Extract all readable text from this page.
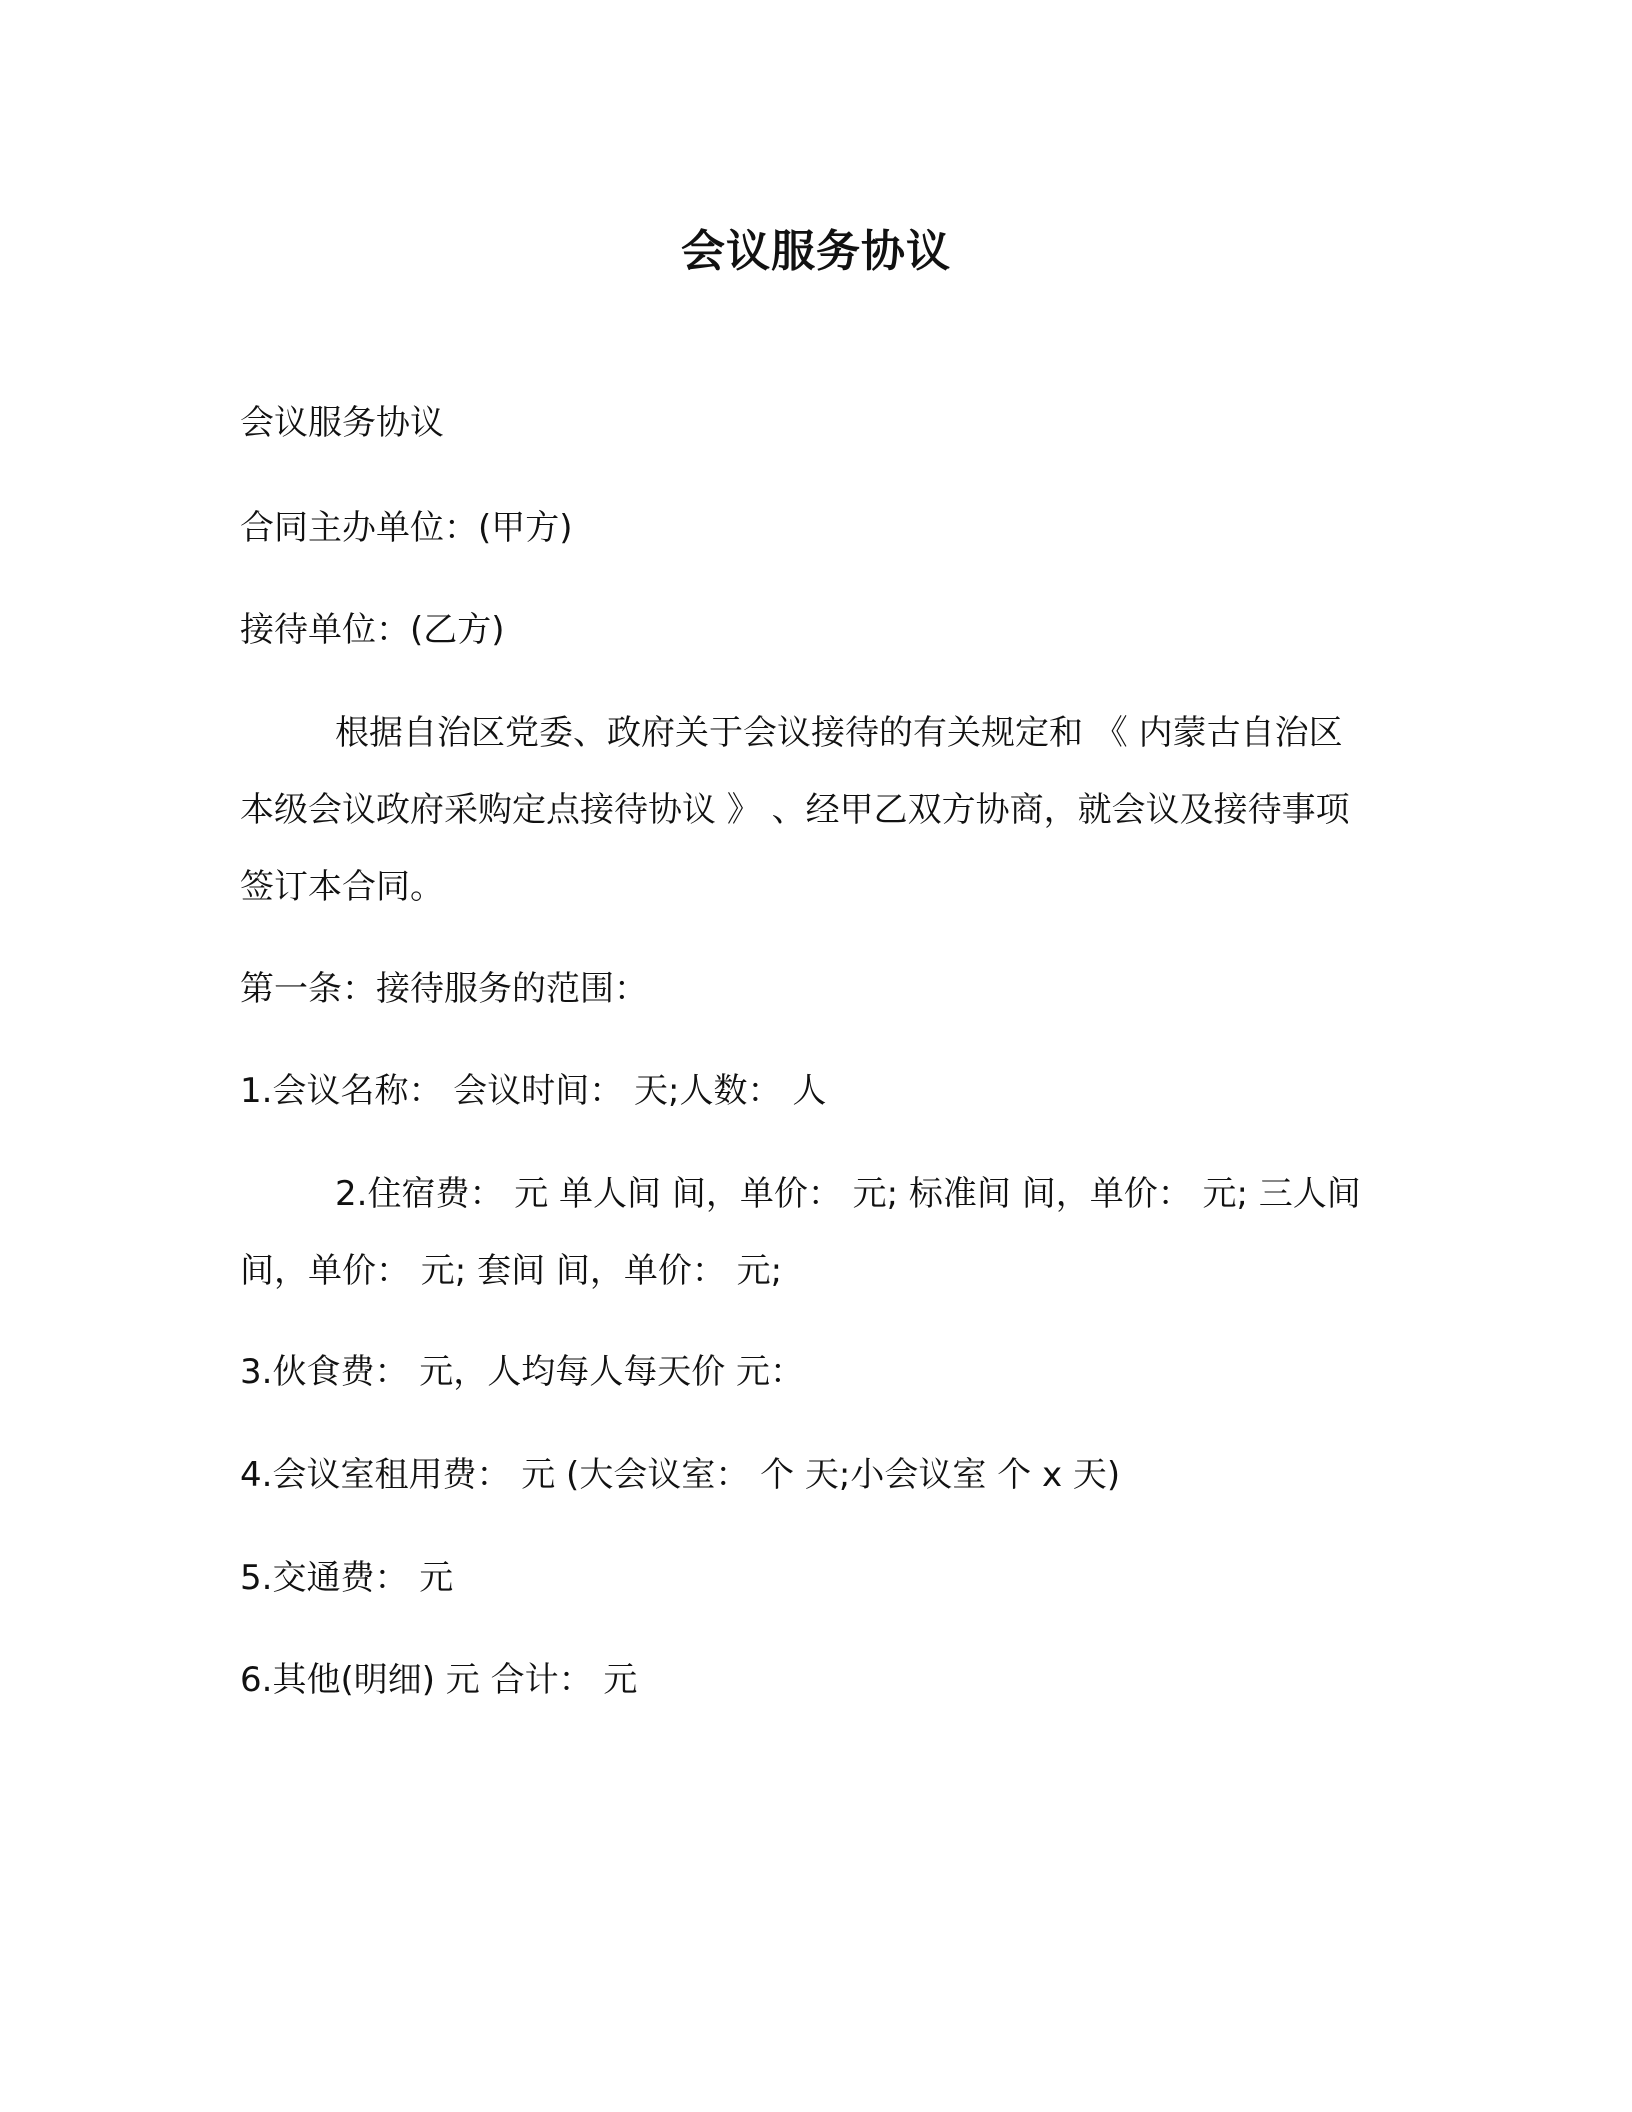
会议服务协议

会议服务协议

合同主办单位：(甲方)

接待单位：(乙方)

根据自治区党委、政府关于会议接待的有关规定和 《 内蒙古自治区本级会议政府采购定点接待协议 》 、经甲乙双方协商，就会议及接待事项签订本合同。

第一条：接待服务的范围：

1.会议名称： 会议时间： 天;人数： 人

2.住宿费： 元 单人间 间，单价： 元; 标准间 间，单价： 元; 三人间 间，单价： 元; 套间 间，单价： 元;

3.伙食费： 元，人均每人每天价 元：

4.会议室租用费： 元 (大会议室： 个 天;小会议室 个 x 天)

5.交通费： 元

6.其他(明细) 元 合计： 元
